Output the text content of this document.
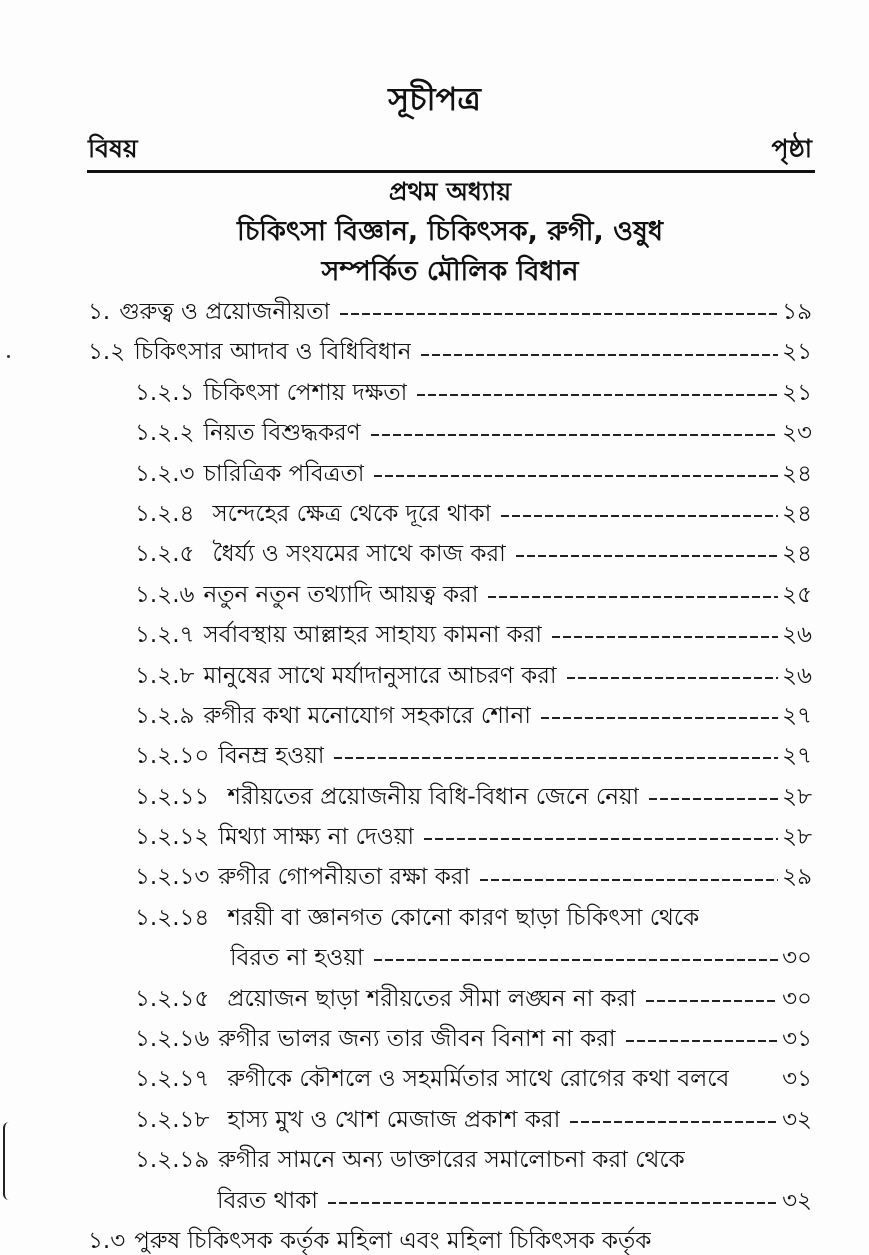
সূচীপত্র
বিষয়	পৃষ্ঠা
প্রথম অধ্যায়
চিকিৎসা বিজ্ঞান, চিকিৎসক, রুগী, ওষুধ
সম্পর্কিত মৌলিক বিধান
১. গুরুত্ব ও প্রয়োজনীয়তা	১৯
১.২ চিকিৎসার আদাব ও বিধিবিধান	২১
১.২.১ চিকিৎসা পেশায় দক্ষতা	২১
১.২.২ নিয়ত বিশুদ্ধকরণ	২৩
১.২.৩ চারিত্রিক পবিত্রতা	২৪
১.২.৪ সন্দেহের ক্ষেত্র থেকে দূরে থাকা	২৪
১.২.৫ ধৈর্য্য ও সংযমের সাথে কাজ করা	২৪
১.২.৬ নতুন নতুন তথ্যাদি আয়ত্ব করা	২৫
১.২.৭ সর্বাবস্থায় আল্লাহর সাহায্য কামনা করা	২৬
১.২.৮ মানুষের সাথে মর্যাদানুসারে আচরণ করা	২৬
১.২.৯ রুগীর কথা মনোযোগ সহকারে শোনা	২৭
১.২.১০ বিনম্র হওয়া	২৭
১.২.১১ শরীয়তের প্রয়োজনীয় বিধি-বিধান জেনে নেয়া	২৮
১.২.১২ মিথ্যা সাক্ষ্য না দেওয়া	২৮
১.২.১৩ রুগীর গোপনীয়তা রক্ষা করা	২৯
১.২.১৪ শরয়ী বা জ্ঞানগত কোনো কারণ ছাড়া চিকিৎসা থেকে
বিরত না হওয়া	৩০
১.২.১৫ প্রয়োজন ছাড়া শরীয়তের সীমা লঙ্ঘন না করা	৩০
১.২.১৬ রুগীর ভালর জন্য তার জীবন বিনাশ না করা	৩১
১.২.১৭ রুগীকে কৌশলে ও সহমর্মিতার সাথে রোগের কথা বলবে ৩১
১.২.১৮ হাস্য মুখ ও খোশ মেজাজ প্রকাশ করা	৩২
১.২.১৯ রুগীর সামনে অন্য ডাক্তারের সমালোচনা করা থেকে
বিরত থাকা	৩২
১.৩ পুরুষ চিকিৎসক কর্তৃক মহিলা এবং মহিলা চিকিৎসক কর্তৃক
